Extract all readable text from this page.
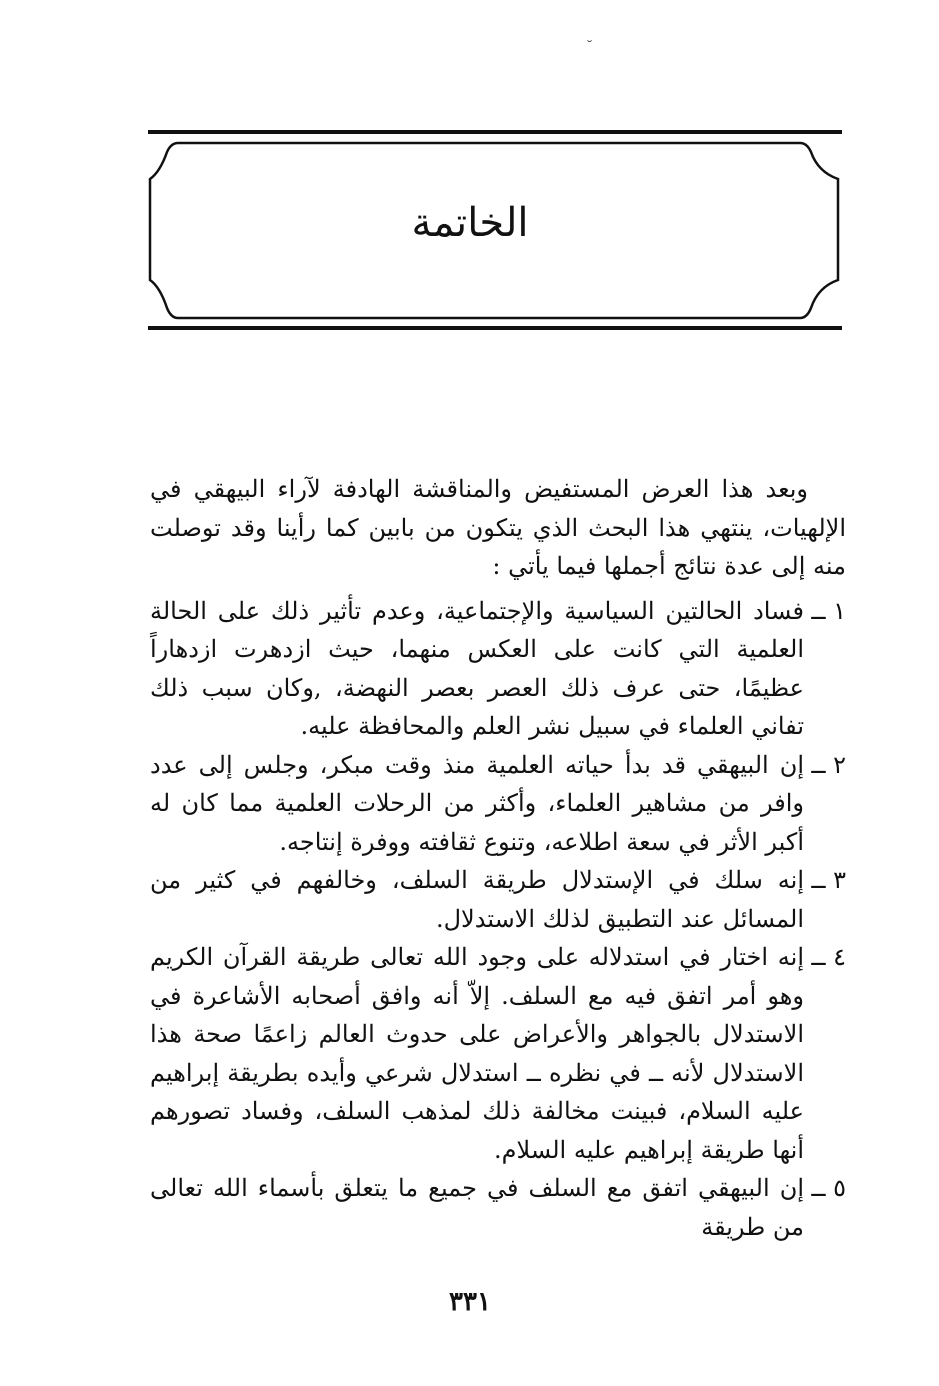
˘
الخاتمة

وبعد هذا العرض المستفيض والمناقشة الهادفة لآراء البيهقي في الإلهيات، ينتهي هذا البحث الذي يتكون من بابين كما رأينا وقد توصلت منه إلى عدة نتائج أجملها فيما يأتي :

١ ــ
فساد الحالتين السياسية والإجتماعية، وعدم تأثير ذلك على الحالة العلمية التي كانت على العكس منهما، حيث ازدهرت ازدهاراً عظيمًا، حتى عرف ذلك العصر بعصر النهضة، ,وكان سبب ذلك تفاني العلماء في سبيل نشر العلم والمحافظة عليه.
٢ ــ
إن البيهقي قد بدأ حياته العلمية منذ وقت مبكر، وجلس إلى عدد وافر من مشاهير العلماء، وأكثر من الرحلات العلمية مما كان له أكبر الأثر في سعة اطلاعه، وتنوع ثقافته ووفرة إنتاجه.
٣ ــ
إنه سلك في الإستدلال طريقة السلف، وخالفهم في كثير من المسائل عند التطبيق لذلك الاستدلال.
٤ ــ
إنه اختار في استدلاله على وجود الله تعالى طريقة القرآن الكريم وهو أمر اتفق فيه مع السلف. إلاّ أنه وافق أصحابه الأشاعرة في الاستدلال بالجواهر والأعراض على حدوث العالم زاعمًا صحة هذا الاستدلال لأنه ــ في نظره ــ استدلال شرعي وأيده بطريقة إبراهيم عليه السلام، فبينت مخالفة ذلك لمذهب السلف، وفساد تصورهم أنها طريقة إبراهيم عليه السلام.
٥ ــ
إن البيهقي اتفق مع السلف في جميع ما يتعلق بأسماء الله تعالى من طريقة
٣٣١
